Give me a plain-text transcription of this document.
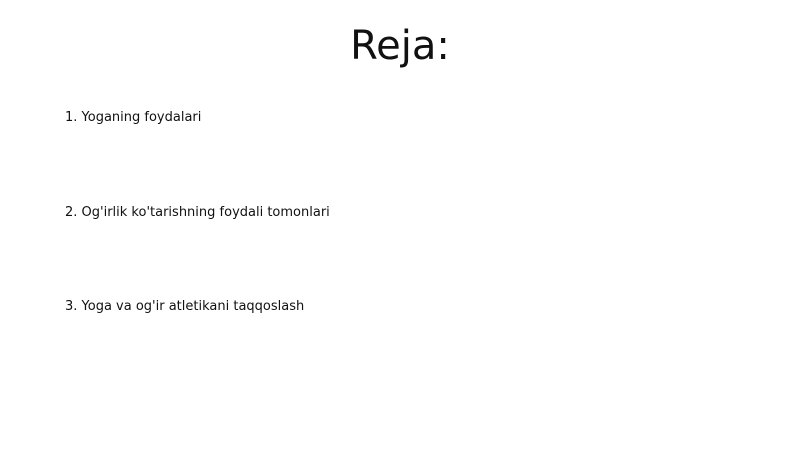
Reja:
1. Yoganing foydalari
2. Og'irlik ko'tarishning foydali tomonlari
3. Yoga va og'ir atletikani taqqoslash
